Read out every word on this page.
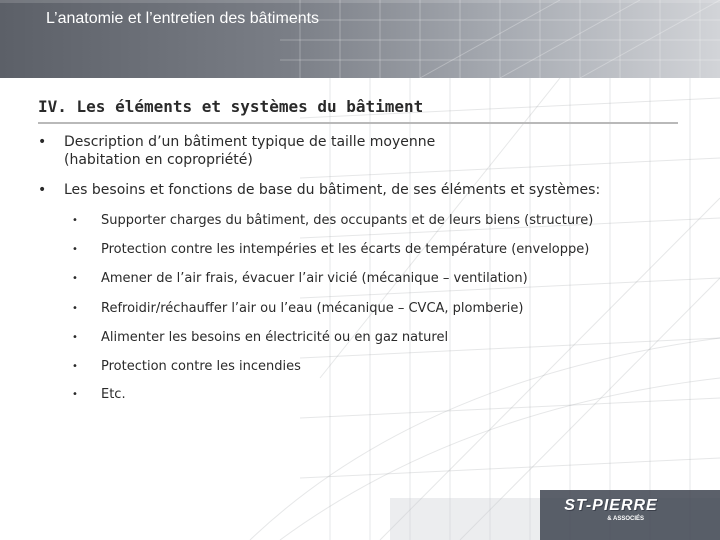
L’anatomie et l’entretien des bâtiments
IV. Les éléments et systèmes du bâtiment
•	Description d’un bâtiment typique de taille moyenne
(habitation en copropriété)
•	Les besoins et fonctions de base du bâtiment, de ses éléments et systèmes:
•	Supporter charges du bâtiment, des occupants et de leurs biens (structure)
•	Protection contre les intempéries et les écarts de température (enveloppe)
•	Amener de l’air frais, évacuer l’air vicié (mécanique – ventilation)
•	Refroidir/réchauffer l’air ou l’eau (mécanique – CVCA, plomberie)
•	Alimenter les besoins en électricité ou en gaz naturel
•	Protection contre les incendies
•	Etc.
ST-PIERRE
& ASSOCIÉS
